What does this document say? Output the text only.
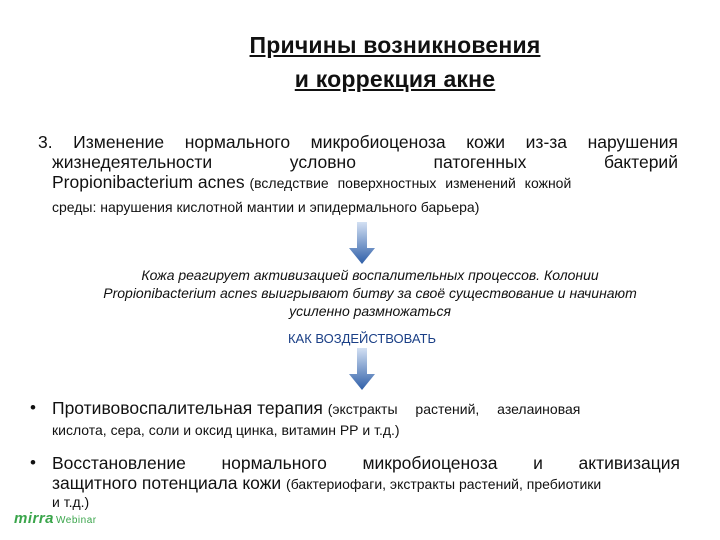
Причины возникновения
и коррекция акне
3. Изменение нормального микробиоценоза кожи из-за нарушения
жизнедеятельности условно патогенных бактерий
Propionibacterium acnes (вследствие поверхностных изменений кожной
среды: нарушения кислотной мантии и эпидермального барьера)
Кожа реагирует активизацией воспалительных процессов. Колонии
Propionibacterium acnes выигрывают битву за своё существование и начинают
усиленно размножаться
КАК ВОЗДЕЙСТВОВАТЬ
• Противовоспалительная терапия (экстракты растений, азелаиновая
кислота, сера, соли и оксид цинка, витамин РР и т.д.)
• Восстановление нормального микробиоценоза и активизация
защитного потенциала кожи (бактериофаги, экстракты растений, пребиотики
и т.д.)
mirra Webinar
